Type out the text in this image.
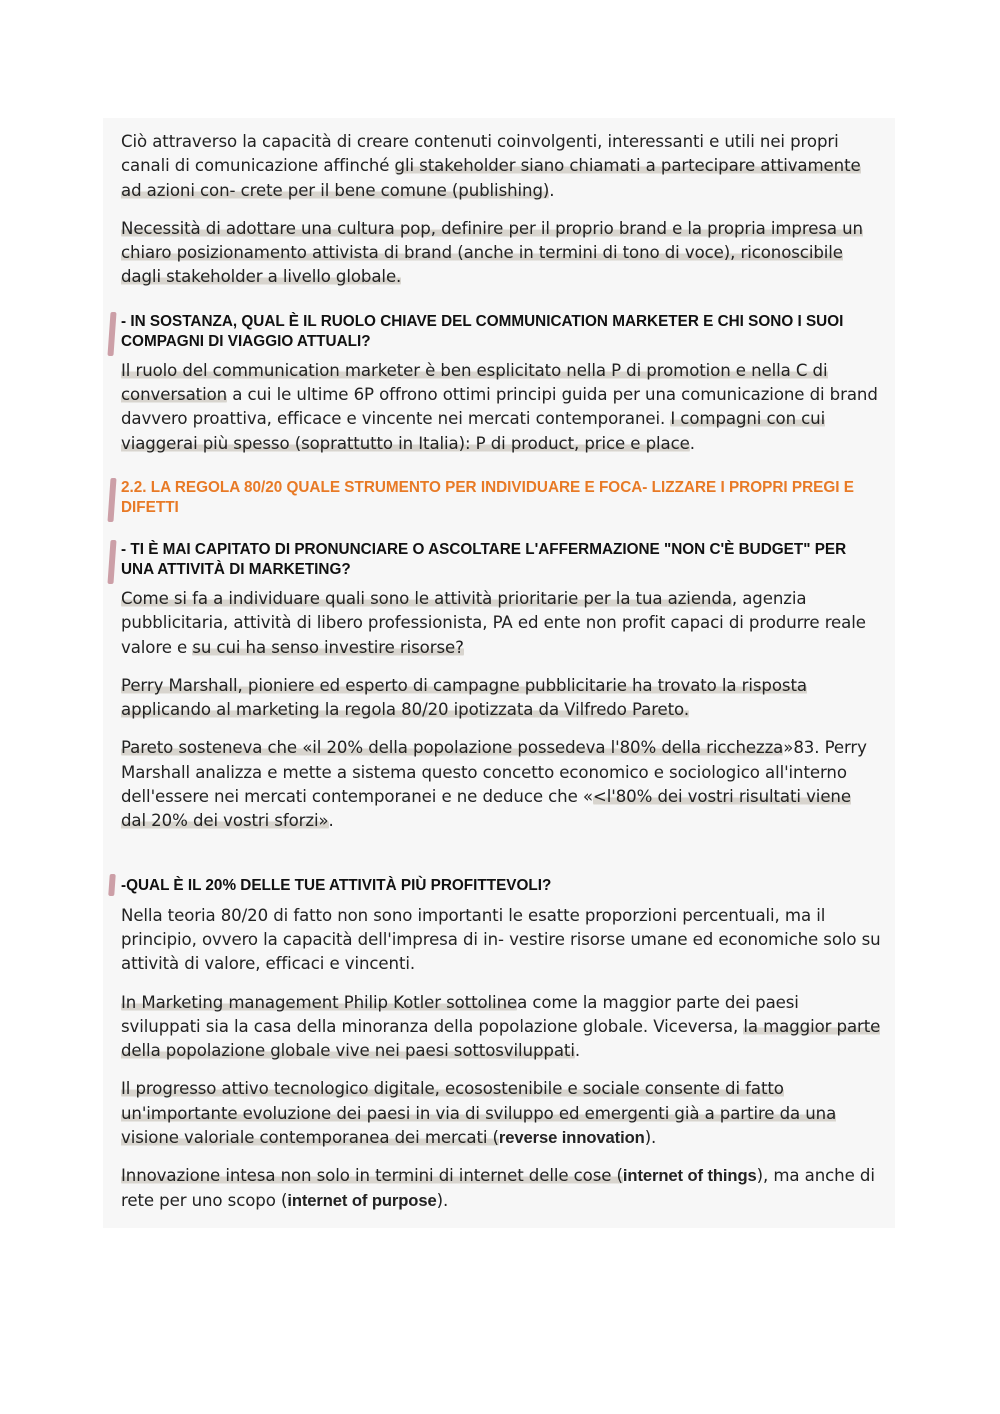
Ciò attraverso la capacità di creare contenuti coinvolgenti, interessanti e utili nei propri canali di comunicazione affinché gli stakeholder siano chiamati a partecipare attivamente ad azioni con- crete per il bene comune (publishing).

Necessità di adottare una cultura pop, definire per il proprio brand e la propria impresa un chiaro posizionamento attivista di brand (anche in termini di tono di voce), riconoscibile dagli stakeholder a livello globale.

- IN SOSTANZA, QUAL È IL RUOLO CHIAVE DEL COMMUNICATION MARKETER E CHI SONO I SUOI COMPAGNI DI VIAGGIO ATTUALI?

Il ruolo del communication marketer è ben esplicitato nella P di promotion e nella C di conversation a cui le ultime 6P offrono ottimi principi guida per una comunicazione di brand davvero proattiva, efficace e vincente nei mercati contemporanei. I compagni con cui viaggerai più spesso (soprattutto in Italia): P di product, price e place.

2.2. LA REGOLA 80/20 QUALE STRUMENTO PER INDIVIDUARE E FOCA- LIZZARE I PROPRI PREGI E DIFETTI
- TI È MAI CAPITATO DI PRONUNCIARE O ASCOLTARE L'AFFERMAZIONE "NON C'È BUDGET" PER UNA ATTIVITÀ DI MARKETING?

Come si fa a individuare quali sono le attività prioritarie per la tua azienda, agenzia pubblicitaria, attività di libero professionista, PA ed ente non profit capaci di produrre reale valore e su cui ha senso investire risorse?

Perry Marshall, pioniere ed esperto di campagne pubblicitarie ha trovato la risposta applicando al marketing la regola 80/20 ipotizzata da Vilfredo Pareto.

Pareto sosteneva che «il 20% della popolazione possedeva l'80% della ricchezza»83. Perry Marshall analizza e mette a sistema questo concetto economico e sociologico all'interno dell'essere nei mercati contemporanei e ne deduce che «<l'80% dei vostri risultati viene dal 20% dei vostri sforzi».

-QUAL È IL 20% DELLE TUE ATTIVITÀ PIÙ PROFITTEVOLI?

Nella teoria 80/20 di fatto non sono importanti le esatte proporzioni percentuali, ma il principio, ovvero la capacità dell'impresa di in- vestire risorse umane ed economiche solo su attività di valore, efficaci e vincenti.

In Marketing management Philip Kotler sottolinea come la maggior parte dei paesi sviluppati sia la casa della minoranza della popolazione globale. Viceversa, la maggior parte della popolazione globale vive nei paesi sottosviluppati.

Il progresso attivo tecnologico digitale, ecosostenibile e sociale consente di fatto un'importante evoluzione dei paesi in via di sviluppo ed emergenti già a partire da una visione valoriale contemporanea dei mercati (reverse innovation).

Innovazione intesa non solo in termini di internet delle cose (internet of things), ma anche di rete per uno scopo (internet of purpose).
